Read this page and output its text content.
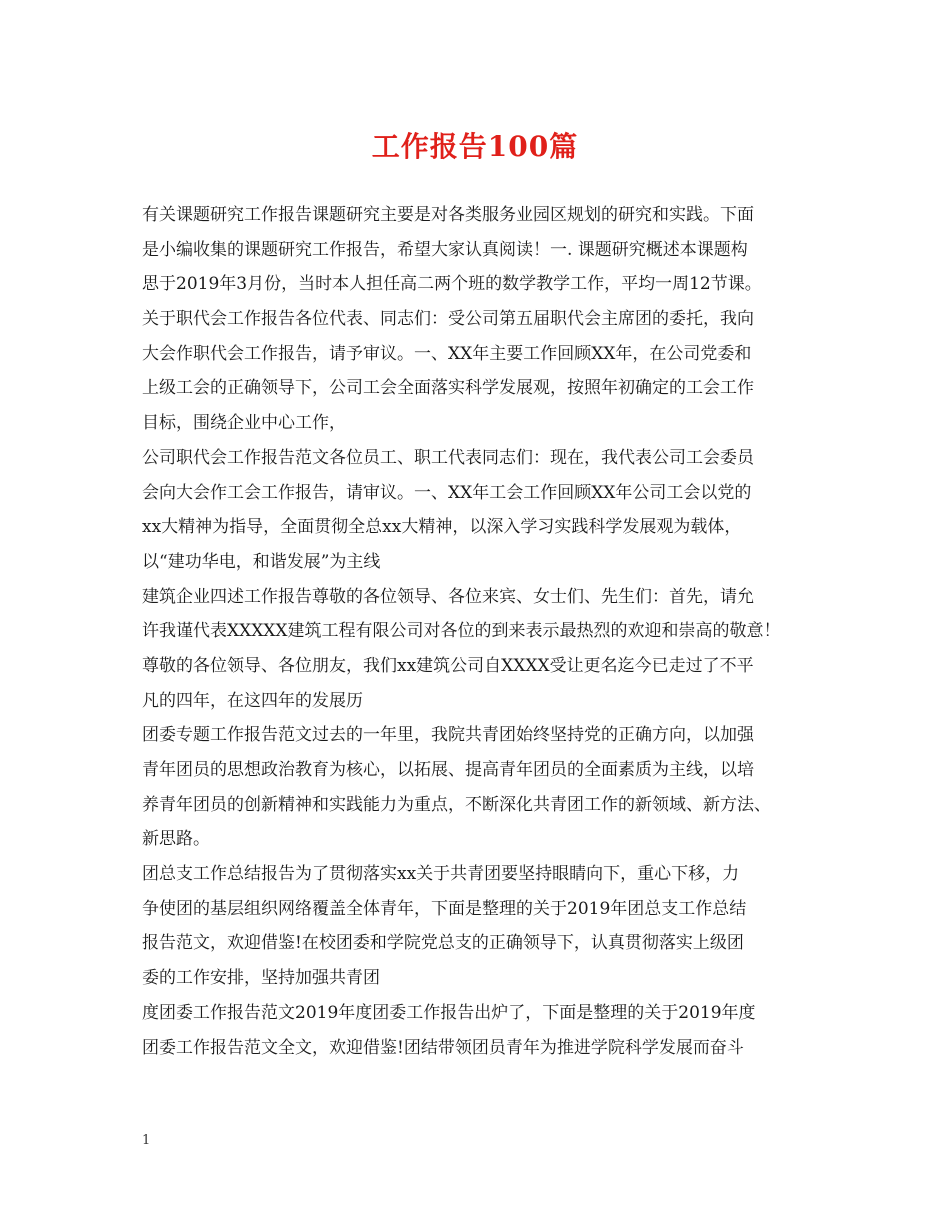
工作报告100篇
有关课题研究工作报告课题研究主要是对各类服务业园区规划的研究和实践。下面
是小编收集的课题研究工作报告，希望大家认真阅读！一. 课题研究概述本课题构
思于2019年3月份，当时本人担任高二两个班的数学教学工作，平均一周12节课。
关于职代会工作报告各位代表、同志们：受公司第五届职代会主席团的委托，我向
大会作职代会工作报告，请予审议。一、XX年主要工作回顾XX年，在公司党委和
上级工会的正确领导下，公司工会全面落实科学发展观，按照年初确定的工会工作
目标，围绕企业中心工作，
公司职代会工作报告范文各位员工、职工代表同志们：现在，我代表公司工会委员
会向大会作工会工作报告，请审议。一、XX年工会工作回顾XX年公司工会以党的
xx大精神为指导，全面贯彻全总xx大精神，以深入学习实践科学发展观为载体，
以“建功华电，和谐发展”为主线
建筑企业四述工作报告尊敬的各位领导、各位来宾、女士们、先生们：首先，请允
许我谨代表XXXXX建筑工程有限公司对各位的到来表示最热烈的欢迎和崇高的敬意！
尊敬的各位领导、各位朋友，我们xx建筑公司自XXXX受让更名迄今已走过了不平
凡的四年，在这四年的发展历
团委专题工作报告范文过去的一年里，我院共青团始终坚持党的正确方向，以加强
青年团员的思想政治教育为核心，以拓展、提高青年团员的全面素质为主线，以培
养青年团员的创新精神和实践能力为重点，不断深化共青团工作的新领域、新方法、
新思路。
团总支工作总结报告为了贯彻落实xx关于共青团要坚持眼睛向下，重心下移，力
争使团的基层组织网络覆盖全体青年，下面是整理的关于2019年团总支工作总结
报告范文，欢迎借鉴!在校团委和学院党总支的正确领导下，认真贯彻落实上级团
委的工作安排，坚持加强共青团
度团委工作报告范文2019年度团委工作报告出炉了，下面是整理的关于2019年度
团委工作报告范文全文，欢迎借鉴!团结带领团员青年为推进学院科学发展而奋斗
1
